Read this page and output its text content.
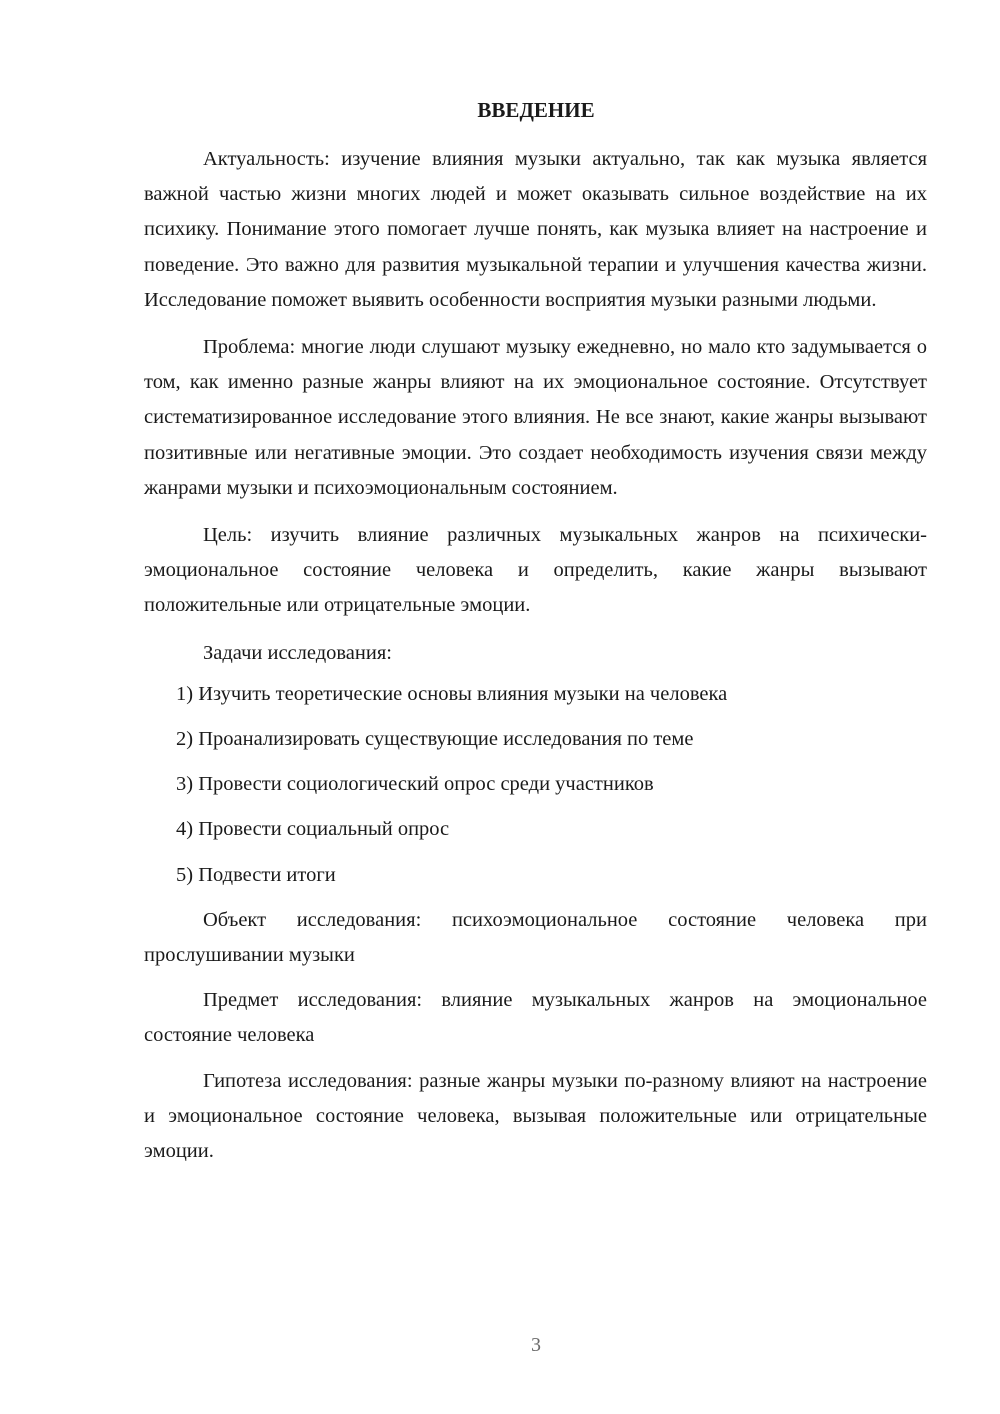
ВВЕДЕНИЕ

Актуальность: изучение влияния музыки актуально, так как музыка является важной частью жизни многих людей и может оказывать сильное воздействие на их психику. Понимание этого помогает лучше понять, как музыка влияет на настроение и поведение. Это важно для развития музыкальной терапии и улучшения качества жизни. Исследование поможет выявить особенности восприятия музыки разными людьми.

Проблема: многие люди слушают музыку ежедневно, но мало кто задумывается о том, как именно разные жанры влияют на их эмоциональное состояние. Отсутствует систематизированное исследование этого влияния. Не все знают, какие жанры вызывают позитивные или негативные эмоции. Это создает необходимость изучения связи между жанрами музыки и психоэмоциональным состоянием.

Цель: изучить влияние различных музыкальных жанров на психически-эмоциональное состояние человека и определить, какие жанры вызывают положительные или отрицательные эмоции.

Задачи исследования:

1) Изучить теоретические основы влияния музыки на человека
2) Проанализировать существующие исследования по теме
3) Провести социологический опрос среди участников
4) Провести социальный опрос
5) Подвести итоги

Объект исследования: психоэмоциональное состояние человека при прослушивании музыки

Предмет исследования: влияние музыкальных жанров на эмоциональное состояние человека

Гипотеза исследования: разные жанры музыки по-разному влияют на настроение и эмоциональное состояние человека, вызывая положительные или отрицательные эмоции.

3
